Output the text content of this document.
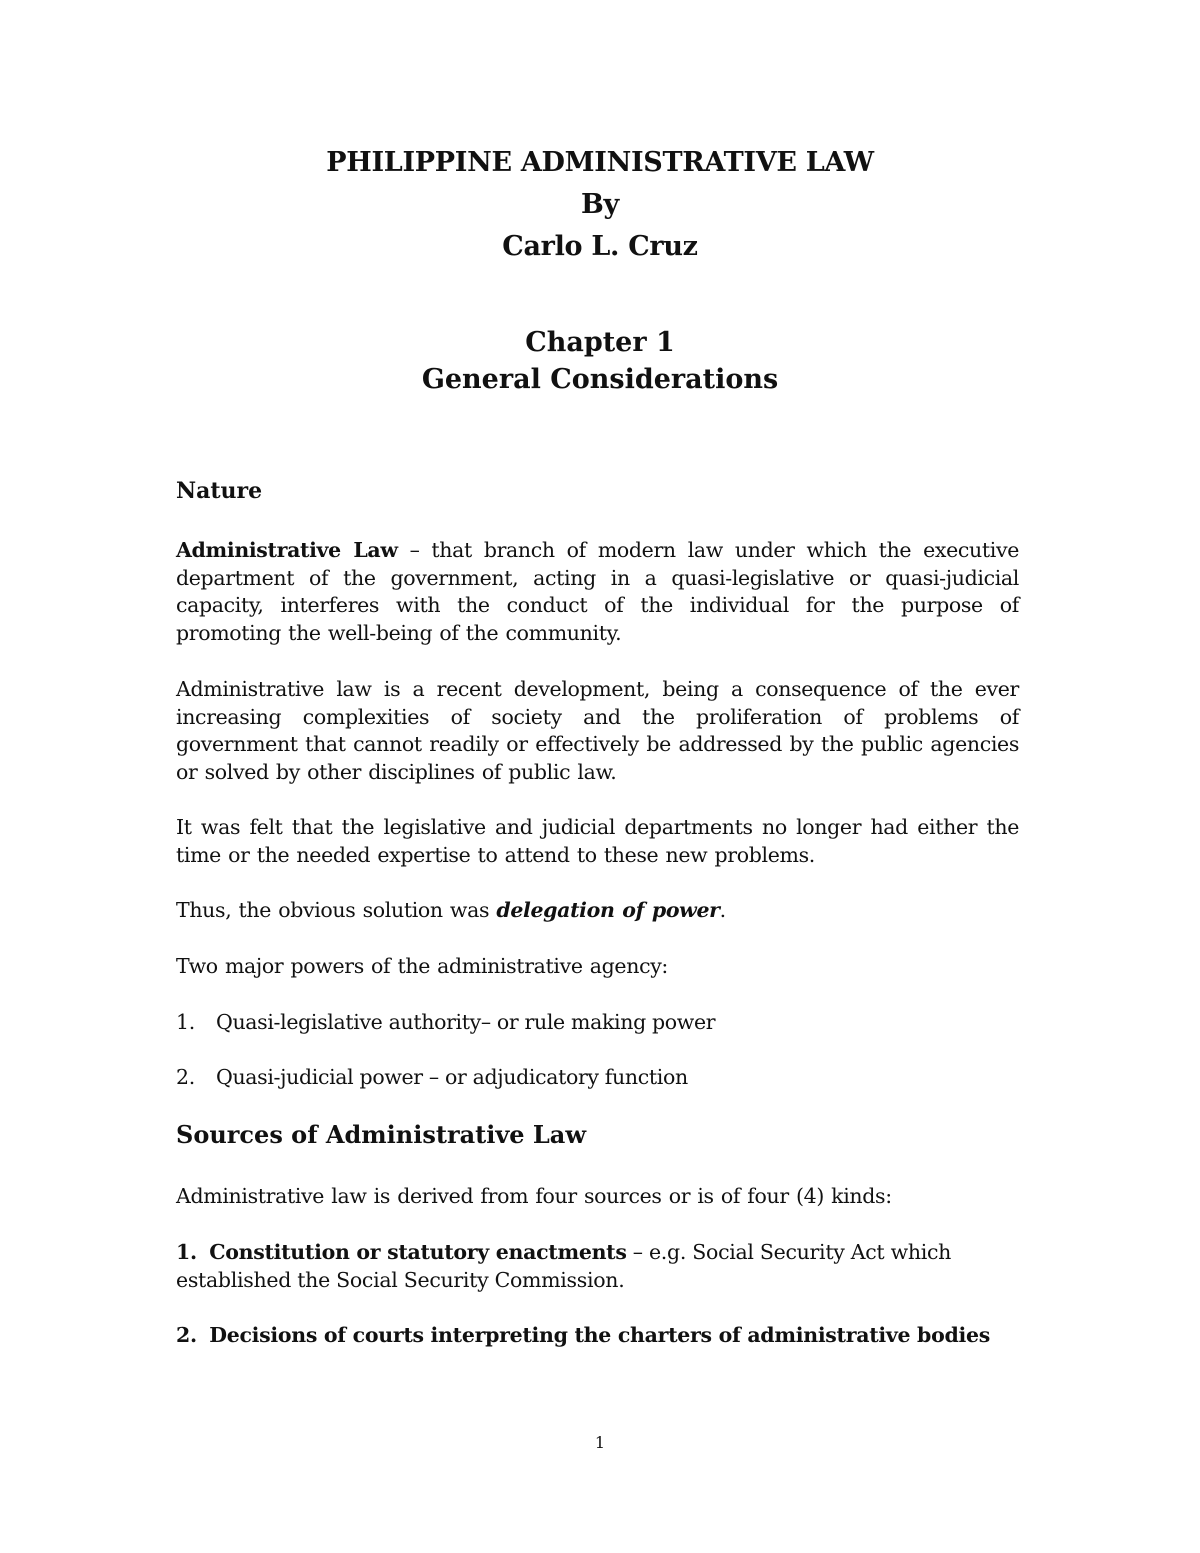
PHILIPPINE ADMINISTRATIVE LAW
By
Carlo L. Cruz
Chapter 1
General Considerations
Nature
Administrative Law – that branch of modern law under which the executive department of the government, acting in a quasi-legislative or quasi-judicial capacity, interferes with the conduct of the individual for the purpose of promoting the well-being of the community.
Administrative law is a recent development, being a consequence of the ever increasing complexities of society and the proliferation of problems of government that cannot readily or effectively be addressed by the public agencies or solved by other disciplines of public law.
It was felt that the legislative and judicial departments no longer had either the time or the needed expertise to attend to these new problems.
Thus, the obvious solution was delegation of power.
Two major powers of the administrative agency:
1. Quasi-legislative authority– or rule making power
2. Quasi-judicial power – or adjudicatory function
Sources of Administrative Law
Administrative law is derived from four sources or is of four (4) kinds:
1. Constitution or statutory enactments – e.g. Social Security Act which established the Social Security Commission.
2. Decisions of courts interpreting the charters of administrative bodies
1
